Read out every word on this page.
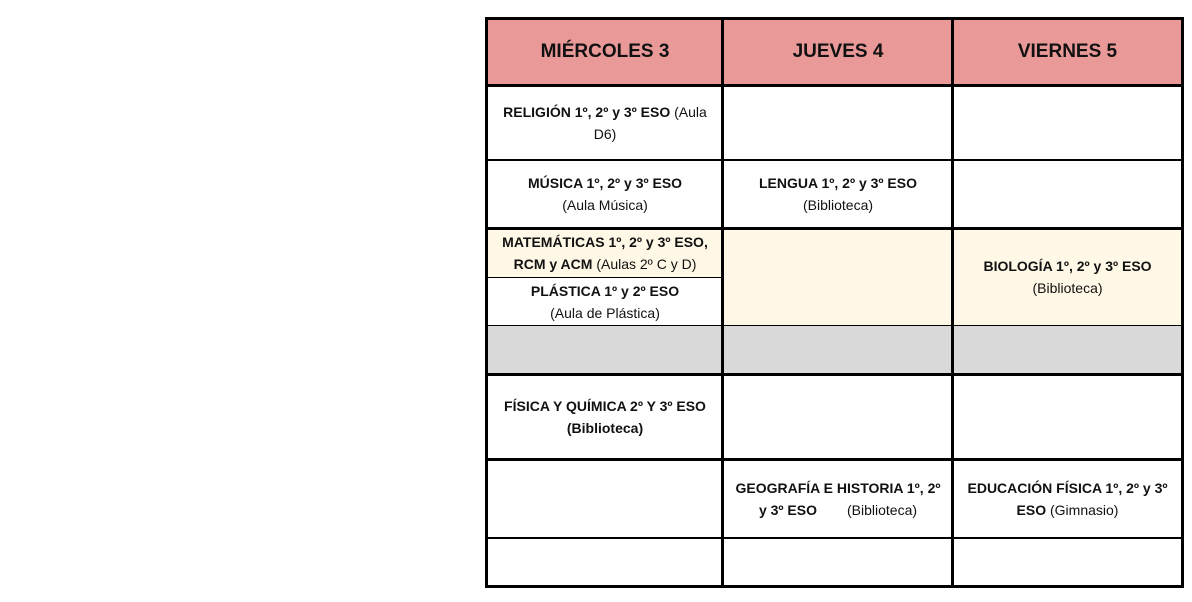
MIÉRCOLES 3	JUEVES 4	VIERNES 5
BIOLOGÍA 1º, 2º y 3º ESO
(Biblioteca)
RELIGIÓN 1º, 2º y 3º ESO (Aula
D6)
MÚSICA 1º, 2º y 3º ESO
(Aula Música)
LENGUA 1º, 2º y 3º ESO
(Biblioteca)
MATEMÁTICAS 1º, 2º y 3º ESO,
RCM y ACM (Aulas 2º C y D)
PLÁSTICA 1º y 2º ESO
(Aula de Plástica)
FÍSICA Y QUÍMICA 2º Y 3º ESO
(Biblioteca)
GEOGRAFÍA E HISTORIA 1º, 2º
y 3º ESO (Biblioteca)
EDUCACIÓN FÍSICA 1º, 2º y 3º
ESO (Gimnasio)
